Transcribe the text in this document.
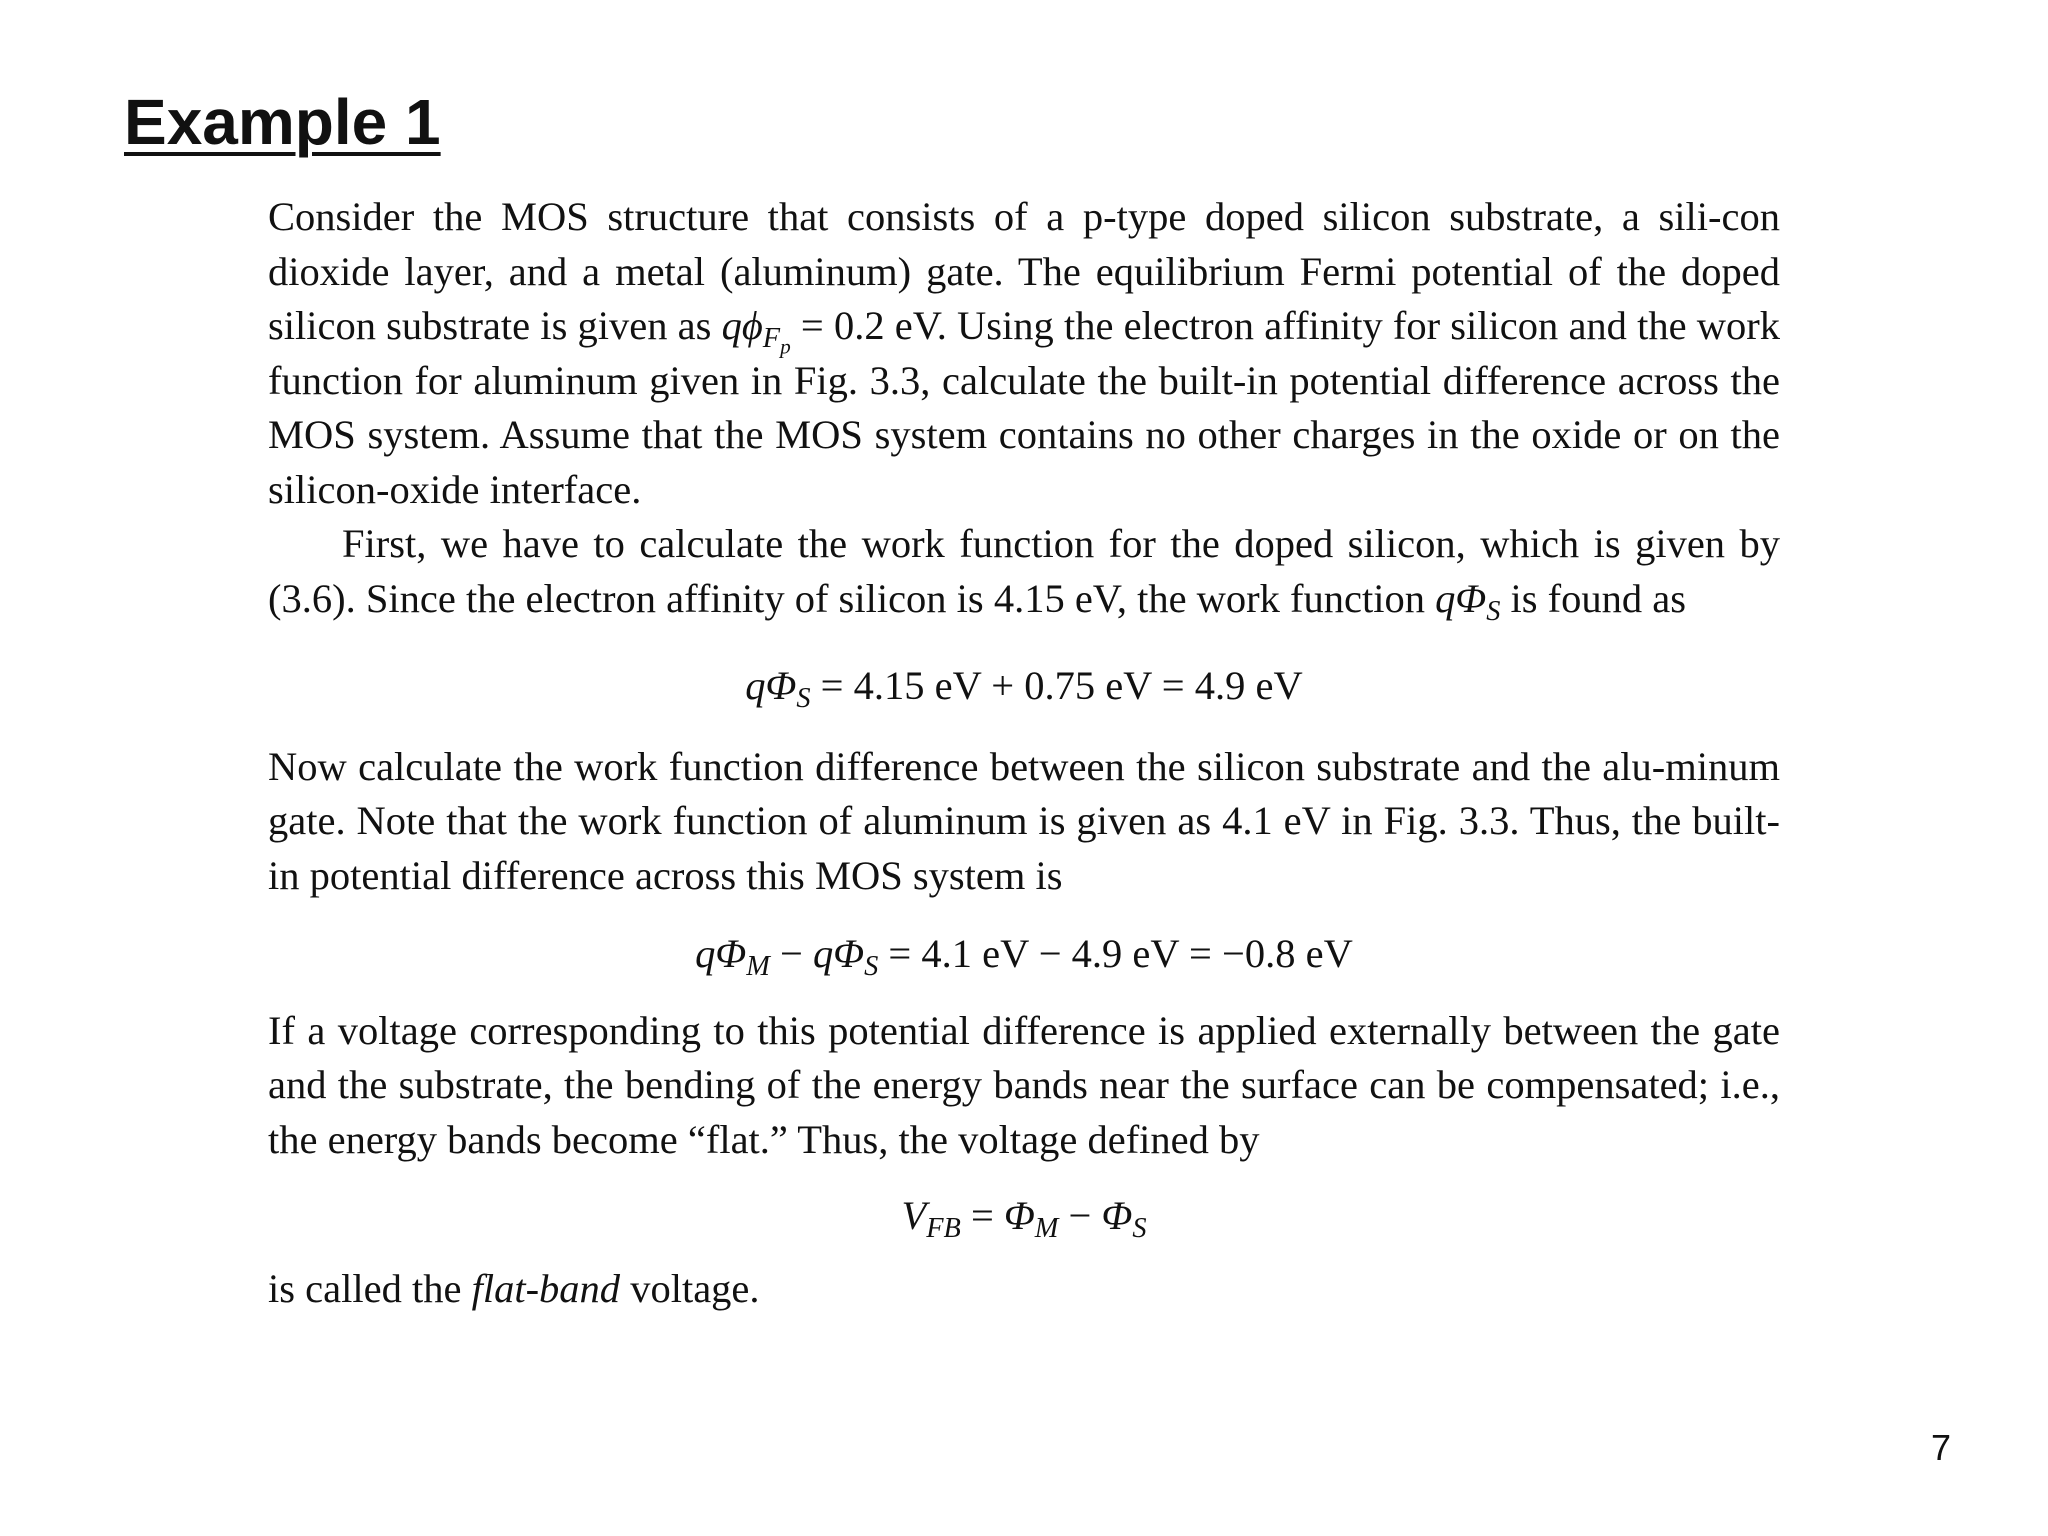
Example 1

Consider the MOS structure that consists of a p-type doped silicon substrate, a sili-con dioxide layer, and a metal (aluminum) gate. The equilibrium Fermi potential of the doped silicon substrate is given as $q\phi_{F_p} = 0.2$ eV. Using the electron affinity for silicon and the work function for aluminum given in Fig. 3.3, calculate the built-in potential difference across the MOS system. Assume that the MOS system contains no other charges in the oxide or on the silicon-oxide interface.

First, we have to calculate the work function for the doped silicon, which is given by (3.6). Since the electron affinity of silicon is 4.15 eV, the work function $q\Phi_S$ is found as

$q\Phi_S = 4.15$ eV + 0.75 eV = 4.9 eV

Now calculate the work function difference between the silicon substrate and the alu-minum gate. Note that the work function of aluminum is given as 4.1 eV in Fig. 3.3. Thus, the built-in potential difference across this MOS system is

$q\Phi_M - q\Phi_S = 4.1$ eV − 4.9 eV = −0.8 eV

If a voltage corresponding to this potential difference is applied externally between the gate and the substrate, the bending of the energy bands near the surface can be compensated; i.e., the energy bands become “flat.” Thus, the voltage defined by

$V_{FB} = \Phi_M - \Phi_S$

is called the flat-band voltage.

7
